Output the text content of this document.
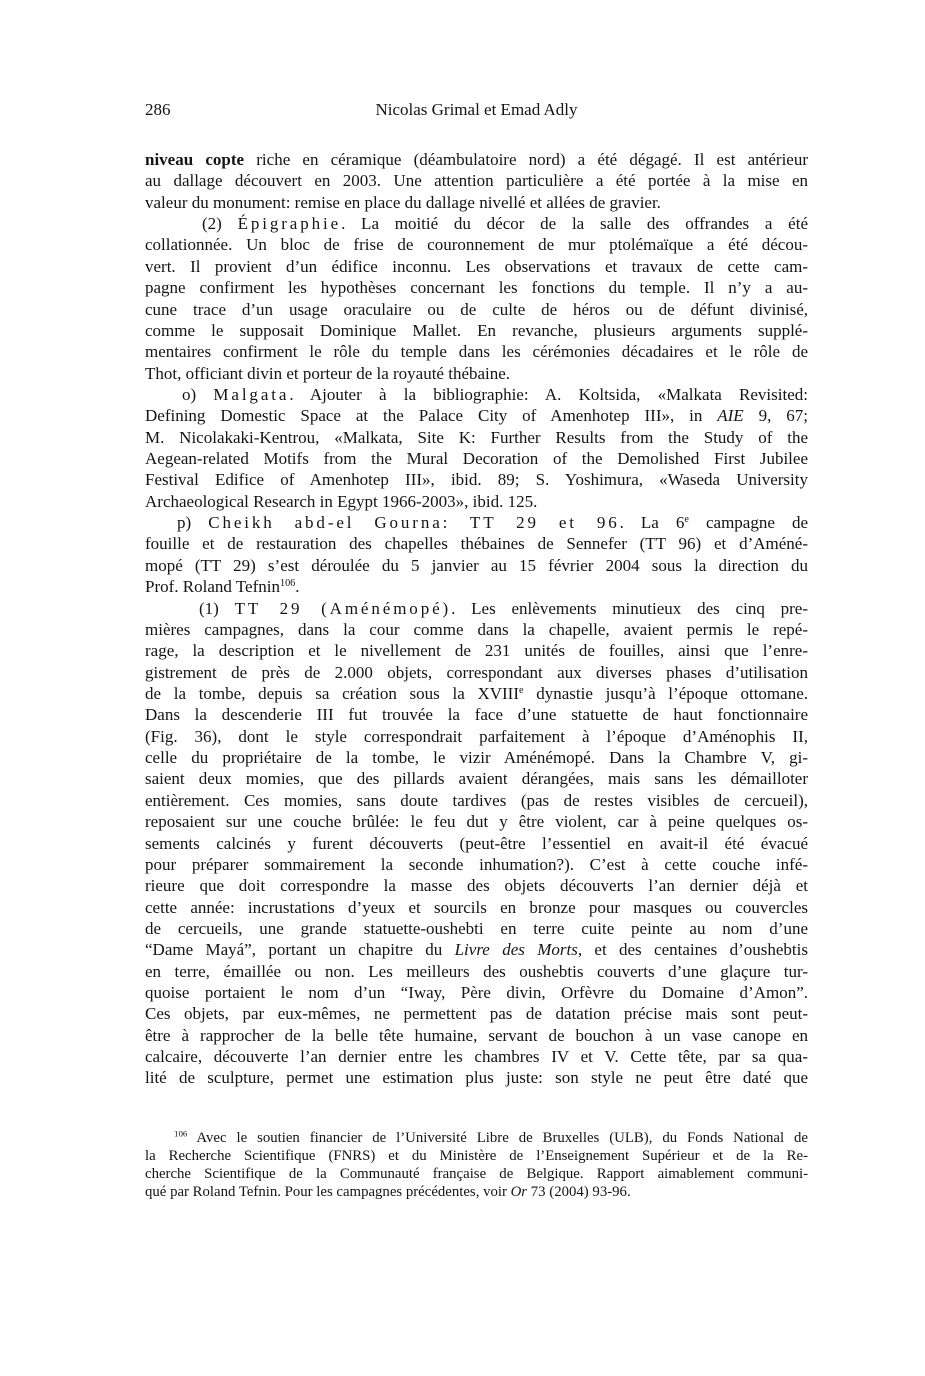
286	Nicolas Grimal et Emad Adly
niveau copte riche en céramique (déambulatoire nord) a été dégagé. Il est antérieur
au dallage découvert en 2003. Une attention particulière a été portée à la mise en
valeur du monument: remise en place du dallage nivellé et allées de gravier.
(2) Épigraphie. La moitié du décor de la salle des offrandes a été
collationnée. Un bloc de frise de couronnement de mur ptolémaïque a été décou-
vert. Il provient d’un édifice inconnu. Les observations et travaux de cette cam-
pagne confirment les hypothèses concernant les fonctions du temple. Il n’y a au-
cune trace d’un usage oraculaire ou de culte de héros ou de défunt divinisé,
comme le supposait Dominique Mallet. En revanche, plusieurs arguments supplé-
mentaires confirment le rôle du temple dans les cérémonies décadaires et le rôle de
Thot, officiant divin et porteur de la royauté thébaine.
o) Malgata. Ajouter à la bibliographie: A. Koltsida, «Malkata Revisited:
Defining Domestic Space at the Palace City of Amenhotep III», in AIE 9, 67;
M. Nicolakaki-Kentrou, «Malkata, Site K: Further Results from the Study of the
Aegean-related Motifs from the Mural Decoration of the Demolished First Jubilee
Festival Edifice of Amenhotep III», ibid. 89; S. Yoshimura, «Waseda University
Archaeological Research in Egypt 1966-2003», ibid. 125.
p) Cheikh abd-el Gourna: TT 29 et 96. La 6e campagne de
fouille et de restauration des chapelles thébaines de Sennefer (TT 96) et d’Améné-
mopé (TT 29) s’est déroulée du 5 janvier au 15 février 2004 sous la direction du
Prof. Roland Tefnin$^{106}$.
(1) TT 29 (Aménémopé). Les enlèvements minutieux des cinq pre-
mières campagnes, dans la cour comme dans la chapelle, avaient permis le repé-
rage, la description et le nivellement de 231 unités de fouilles, ainsi que l’enre-
gistrement de près de 2.000 objets, correspondant aux diverses phases d’utilisation
de la tombe, depuis sa création sous la XVIIIe dynastie jusqu’à l’époque ottomane.
Dans la descenderie III fut trouvée la face d’une statuette de haut fonctionnaire
(Fig. 36), dont le style correspondrait parfaitement à l’époque d’Aménophis II,
celle du propriétaire de la tombe, le vizir Aménémopé. Dans la Chambre V, gi-
saient deux momies, que des pillards avaient dérangées, mais sans les démailloter
entièrement. Ces momies, sans doute tardives (pas de restes visibles de cercueil),
reposaient sur une couche brûlée: le feu dut y être violent, car à peine quelques os-
sements calcinés y furent découverts (peut-être l’essentiel en avait-il été évacué
pour préparer sommairement la seconde inhumation?). C’est à cette couche infé-
rieure que doit correspondre la masse des objets découverts l’an dernier déjà et
cette année: incrustations d’yeux et sourcils en bronze pour masques ou couvercles
de cercueils, une grande statuette-oushebti en terre cuite peinte au nom d’une
“Dame Mayá”, portant un chapitre du Livre des Morts, et des centaines d’oushebtis
en terre, émaillée ou non. Les meilleurs des oushebtis couverts d’une glaçure tur-
quoise portaient le nom d’un “Iway, Père divin, Orfèvre du Domaine d’Amon”.
Ces objets, par eux-mêmes, ne permettent pas de datation précise mais sont peut-
être à rapprocher de la belle tête humaine, servant de bouchon à un vase canope en
calcaire, découverte l’an dernier entre les chambres IV et V. Cette tête, par sa qua-
lité de sculpture, permet une estimation plus juste: son style ne peut être daté que
$^{106}$ Avec le soutien financier de l’Université Libre de Bruxelles (ULB), du Fonds National de
la Recherche Scientifique (FNRS) et du Ministère de l’Enseignement Supérieur et de la Re-
cherche Scientifique de la Communauté française de Belgique. Rapport aimablement communi-
qué par Roland Tefnin. Pour les campagnes précédentes, voir Or 73 (2004) 93-96.
